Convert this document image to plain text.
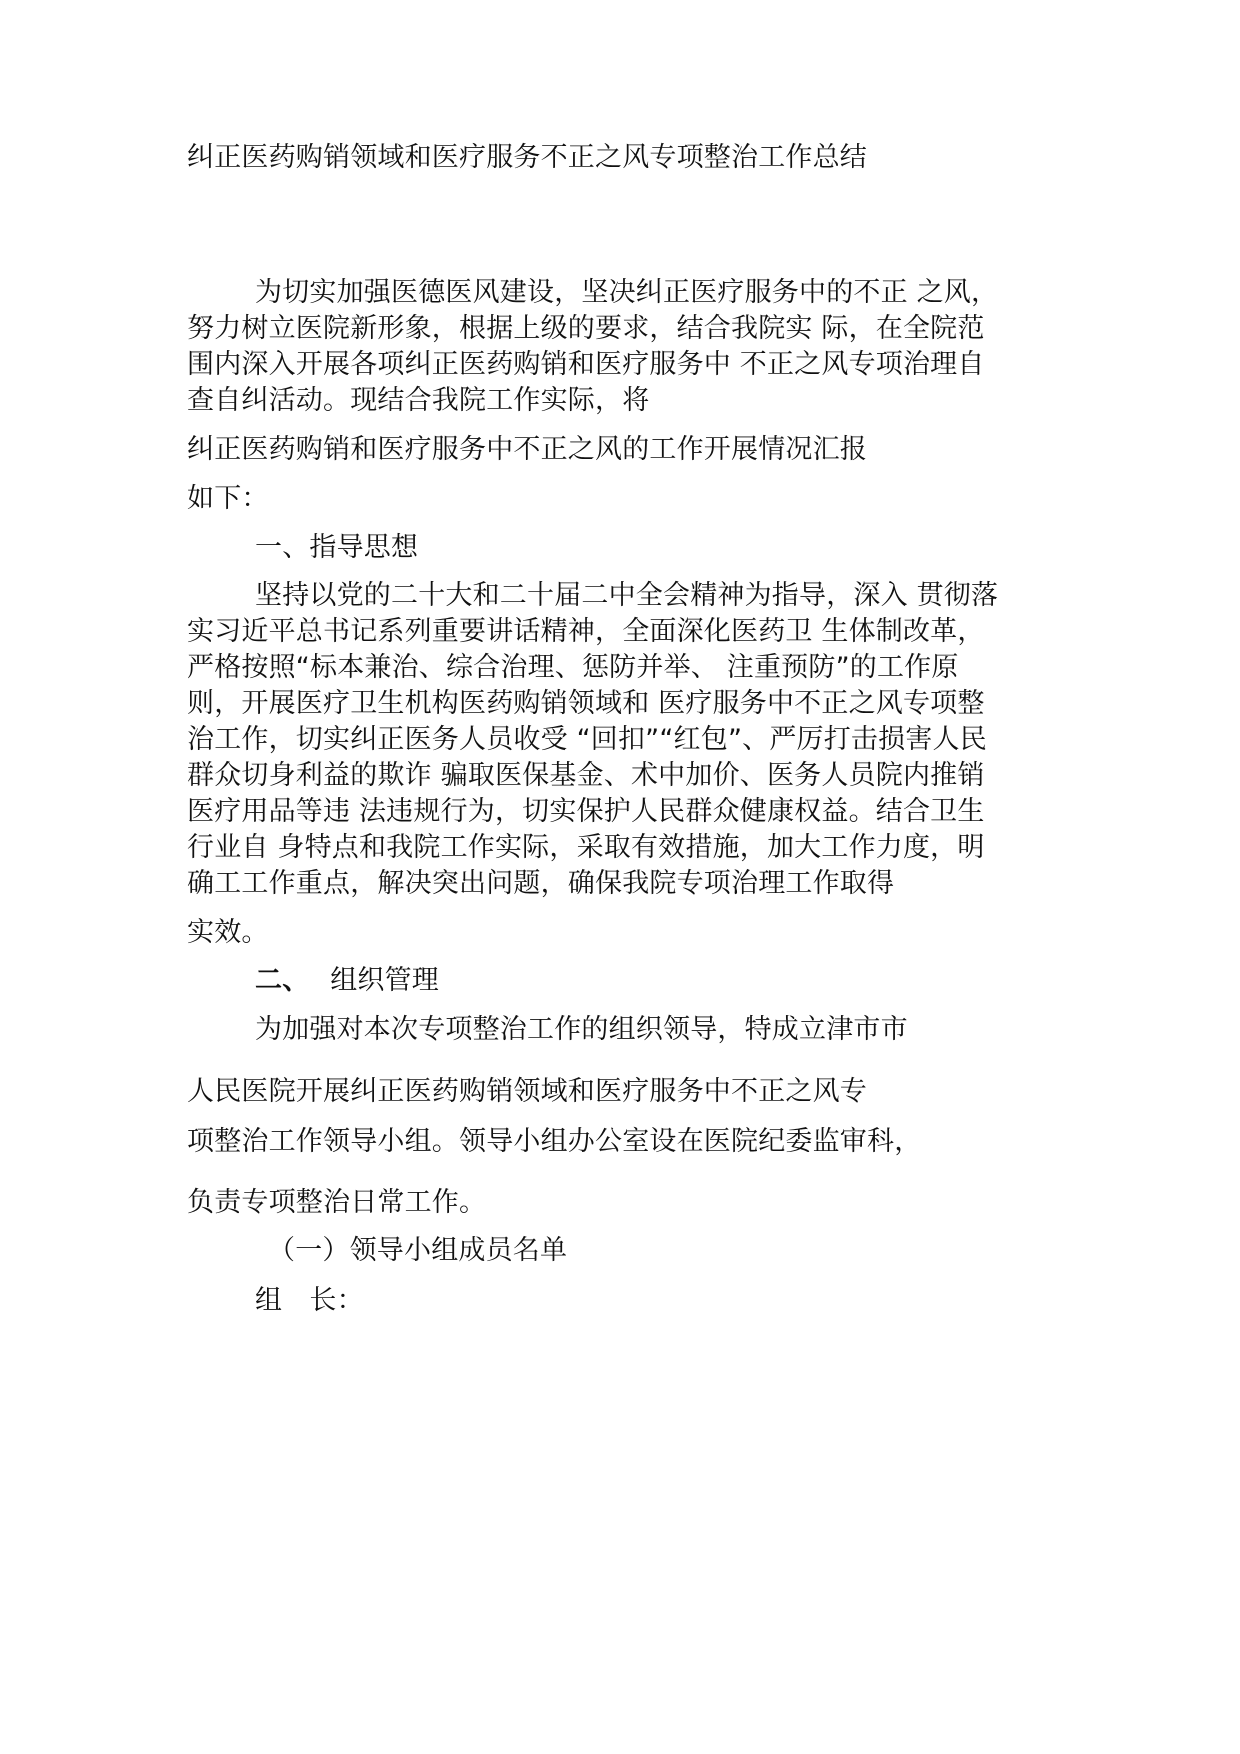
纠正医药购销领域和医疗服务不正之风专项整治工作总结
为切实加强医德医风建设，坚决纠正医疗服务中的不正 之风，
努力树立医院新形象，根据上级的要求，结合我院实 际，在全院范
围内深入开展各项纠正医药购销和医疗服务中 不正之风专项治理自
查自纠活动。现结合我院工作实际，将
纠正医药购销和医疗服务中不正之风的工作开展情况汇报
如下：
一、指导思想
坚持以党的二十大和二十届二中全会精神为指导，深入 贯彻落
实习近平总书记系列重要讲话精神，全面深化医药卫 生体制改革，
严格按照“标本兼治、综合治理、惩防并举、 注重预防”的工作原
则，开展医疗卫生机构医药购销领域和 医疗服务中不正之风专项整
治工作，切实纠正医务人员收受 “回扣”“红包”、严厉打击损害人民
群众切身利益的欺诈 骗取医保基金、术中加价、医务人员院内推销
医疗用品等违 法违规行为，切实保护人民群众健康权益。结合卫生
行业自 身特点和我院工作实际，采取有效措施，加大工作力度，明
确工工作重点，解决突出问题，确保我院专项治理工作取得
实效。
二、 组织管理
为加强对本次专项整治工作的组织领导，特成立津市市
人民医院开展纠正医药购销领域和医疗服务中不正之风专
项整治工作领导小组。领导小组办公室设在医院纪委监审科，
负责专项整治日常工作。
（一）领导小组成员名单
组　长：
